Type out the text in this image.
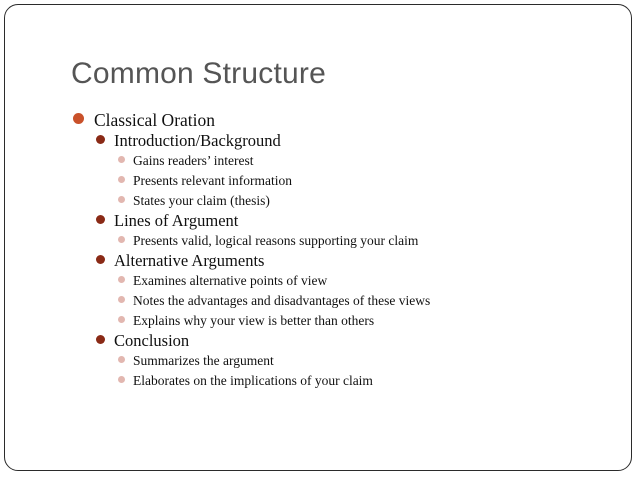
Common Structure
Classical Oration
Introduction/Background
Gains readers’ interest
Presents relevant information
States your claim (thesis)
Lines of Argument
Presents valid, logical reasons supporting your claim
Alternative Arguments
Examines alternative points of view
Notes the advantages and disadvantages of these views
Explains why your view is better than others
Conclusion
Summarizes the argument
Elaborates on the implications of your claim
